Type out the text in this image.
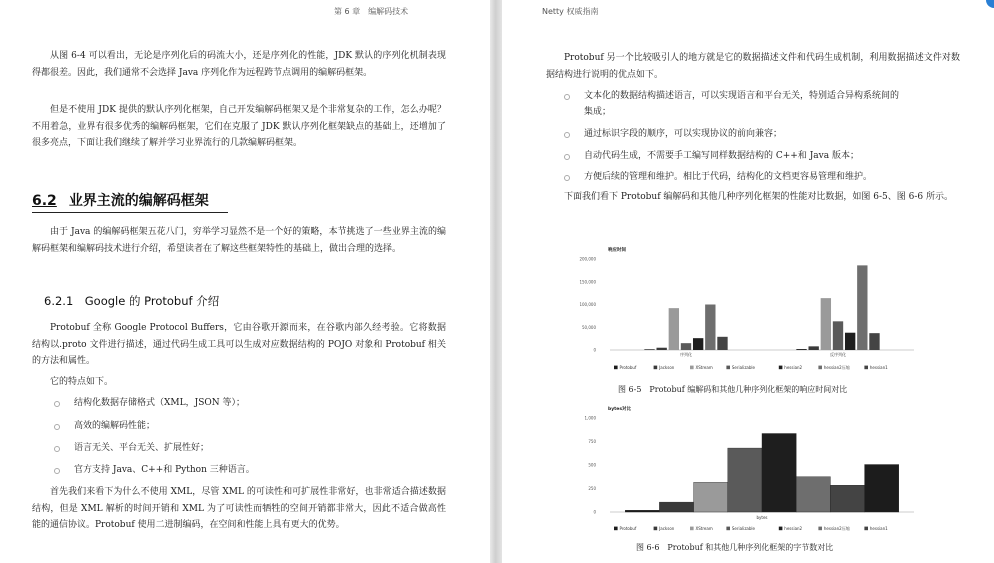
第 6 章　编解码技术

从图 6-4 可以看出，无论是序列化后的码流大小，还是序列化的性能，JDK 默认的序列化机制表现得都很差。因此，我们通常不会选择 Java 序列化作为远程跨节点调用的编解码框架。

但是不使用 JDK 提供的默认序列化框架，自己开发编解码框架又是个非常复杂的工作，怎么办呢？不用着急，业界有很多优秀的编解码框架，它们在克服了 JDK 默认序列化框架缺点的基础上，还增加了很多亮点，下面让我们继续了解并学习业界流行的几款编解码框架。

6.2 业界主流的编解码框架

由于 Java 的编解码框架五花八门，穷举学习显然不是一个好的策略，本节挑选了一些业界主流的编解码框架和编解码技术进行介绍，希望读者在了解这些框架特性的基础上，做出合理的选择。

6.2.1　Google 的 Protobuf 介绍

Protobuf 全称 Google Protocol Buffers，它由谷歌开源而来，在谷歌内部久经考验。它将数据结构以.proto 文件进行描述，通过代码生成工具可以生成对应数据结构的 POJO 对象和 Protobuf 相关的方法和属性。

它的特点如下。

结构化数据存储格式（XML，JSON 等）；
高效的编解码性能；
语言无关、平台无关、扩展性好；
官方支持 Java、C++和 Python 三种语言。

首先我们来看下为什么不使用 XML，尽管 XML 的可读性和可扩展性非常好，也非常适合描述数据结构，但是 XML 解析的时间开销和 XML 为了可读性而牺牲的空间开销都非常大，因此不适合做高性能的通信协议。Protobuf 使用二进制编码，在空间和性能上具有更大的优势。

Netty 权威指南

Protobuf 另一个比较吸引人的地方就是它的数据描述文件和代码生成机制，利用数据描述文件对数据结构进行说明的优点如下。

文本化的数据结构描述语言，可以实现语言和平台无关，特别适合异构系统间的
集成；
通过标识字段的顺序，可以实现协议的前向兼容；
自动代码生成，不需要手工编写同样数据结构的 C++和 Java 版本；
方便后续的管理和维护。相比于代码，结构化的文档更容易管理和维护。

下面我们看下 Protobuf 编解码和其他几种序列化框架的性能对比数据，如图 6-5、图 6-6 所示。

响应时间
0
50,000
100,000
150,000
200,000
序列化	反序列化
Protobuf	Jackson	XStream	Serializable	hessian2	hessian2压缩	hessian1
图 6-5　Protobuf 编解码和其他几种序列化框架的响应时间对比
bytes对比
0
250
500
750
1,000
bytes
Protobuf	Jackson	XStream	Serializable	hessian2	hessian2压缩	hessian1
图 6-6　Protobuf 和其他几种序列化框架的字节数对比
